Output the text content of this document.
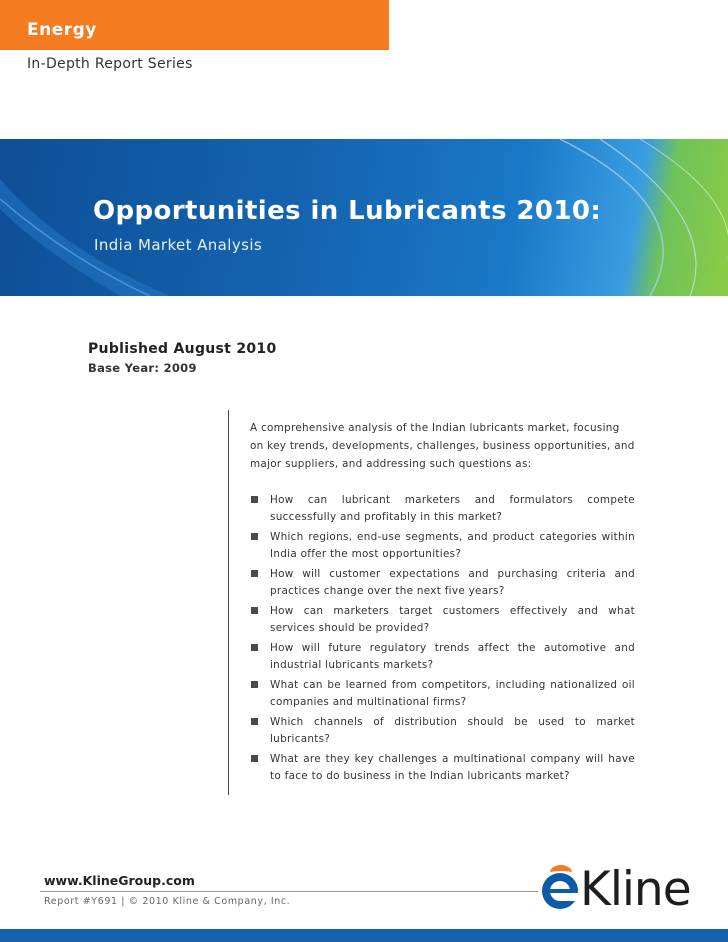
Energy
In-Depth Report Series
Opportunities in Lubricants 2010:
India Market Analysis
Published August 2010
Base Year: 2009
A comprehensive analysis of the Indian lubricants market, focusing on key trends, developments, challenges, business opportunities, and major suppliers, and addressing such questions as:
How can lubricant marketers and formulators compete successfully and profitably in this market?
Which regions, end-use segments, and product categories within India offer the most opportunities?
How will customer expectations and purchasing criteria and practices change over the next five years?
How can marketers target customers effectively and what services should be provided?
How will future regulatory trends affect the automotive and industrial lubricants markets?
What can be learned from competitors, including nationalized oil companies and multinational firms?
Which channels of distribution should be used to market lubricants?
What are they key challenges a multinational company will have to face to do business in the Indian lubricants market?
www.KlineGroup.com
Report #Y691 | © 2010 Kline & Company, Inc.	Kline
